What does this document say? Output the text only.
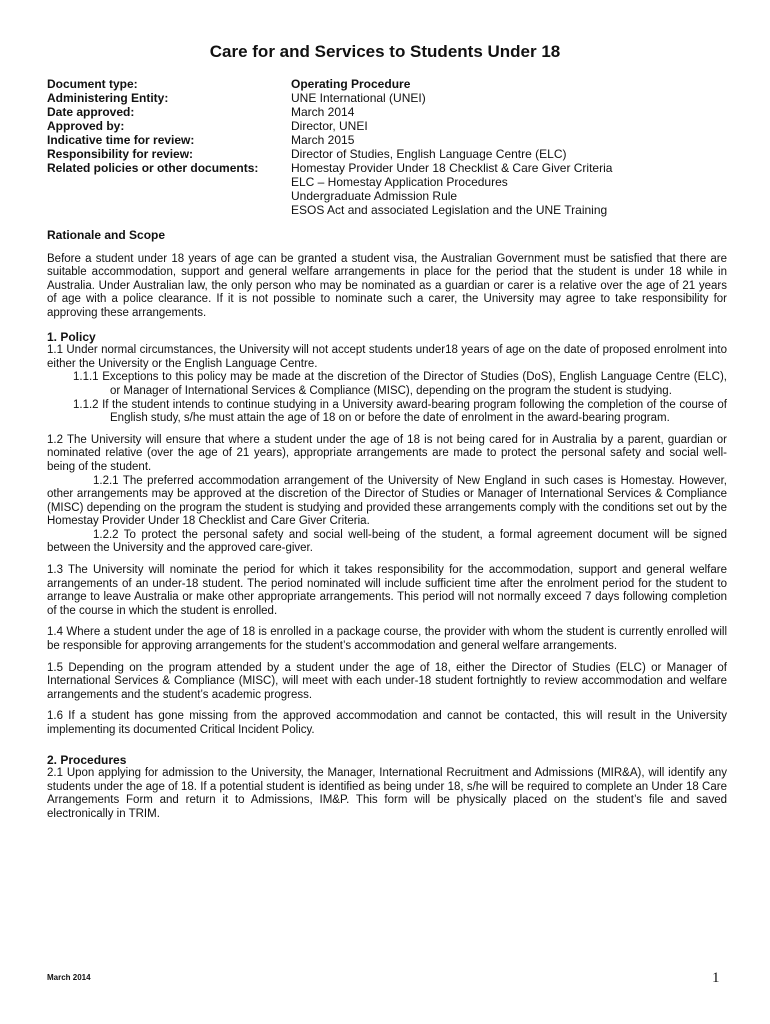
Care for and Services to Students Under 18
Document type:	Operating Procedure
Administering Entity:	UNE International (UNEI)
Date approved:	March 2014
Approved by:	Director, UNEI
Indicative time for review:	March 2015
Responsibility for review:	Director of Studies, English Language Centre (ELC)
Related policies or other documents:	Homestay Provider Under 18 Checklist & Care Giver Criteria
ELC – Homestay Application Procedures
Undergraduate Admission Rule
ESOS Act and associated Legislation and the UNE Training
Rationale and Scope

Before a student under 18 years of age can be granted a student visa, the Australian Government must be satisfied that there are suitable accommodation, support and general welfare arrangements in place for the period that the student is under 18 while in Australia. Under Australian law, the only person who may be nominated as a guardian or carer is a relative over the age of 21 years of age with a police clearance. If it is not possible to nominate such a carer, the University may agree to take responsibility for approving these arrangements.

1. Policy

1.1 Under normal circumstances, the University will not accept students under18 years of age on the date of proposed enrolment into either the University or the English Language Centre.

1.1.1 Exceptions to this policy may be made at the discretion of the Director of Studies (DoS), English Language Centre (ELC), or Manager of International Services & Compliance (MISC), depending on the program the student is studying.

1.1.2 If the student intends to continue studying in a University award-bearing program following the completion of the course of English study, s/he must attain the age of 18 on or before the date of enrolment in the award-bearing program.

1.2 The University will ensure that where a student under the age of 18 is not being cared for in Australia by a parent, guardian or nominated relative (over the age of 21 years), appropriate arrangements are made to protect the personal safety and social well-being of the student.

1.2.1 The preferred accommodation arrangement of the University of New England in such cases is Homestay. However, other arrangements may be approved at the discretion of the Director of Studies or Manager of International Services & Compliance (MISC) depending on the program the student is studying and provided these arrangements comply with the conditions set out by the Homestay Provider Under 18 Checklist and Care Giver Criteria.

1.2.2 To protect the personal safety and social well-being of the student, a formal agreement document will be signed between the University and the approved care-giver.

1.3 The University will nominate the period for which it takes responsibility for the accommodation, support and general welfare arrangements of an under-18 student. The period nominated will include sufficient time after the enrolment period for the student to arrange to leave Australia or make other appropriate arrangements. This period will not normally exceed 7 days following completion of the course in which the student is enrolled.

1.4 Where a student under the age of 18 is enrolled in a package course, the provider with whom the student is currently enrolled will be responsible for approving arrangements for the student’s accommodation and general welfare arrangements.

1.5 Depending on the program attended by a student under the age of 18, either the Director of Studies (ELC) or Manager of International Services & Compliance (MISC), will meet with each under-18 student fortnightly to review accommodation and welfare arrangements and the student’s academic progress.

1.6 If a student has gone missing from the approved accommodation and cannot be contacted, this will result in the University implementing its documented Critical Incident Policy.

2. Procedures

2.1 Upon applying for admission to the University, the Manager, International Recruitment and Admissions (MIR&A), will identify any students under the age of 18. If a potential student is identified as being under 18, s/he will be required to complete an Under 18 Care Arrangements Form and return it to Admissions, IM&P. This form will be physically placed on the student’s file and saved electronically in TRIM.

March 2014	1
